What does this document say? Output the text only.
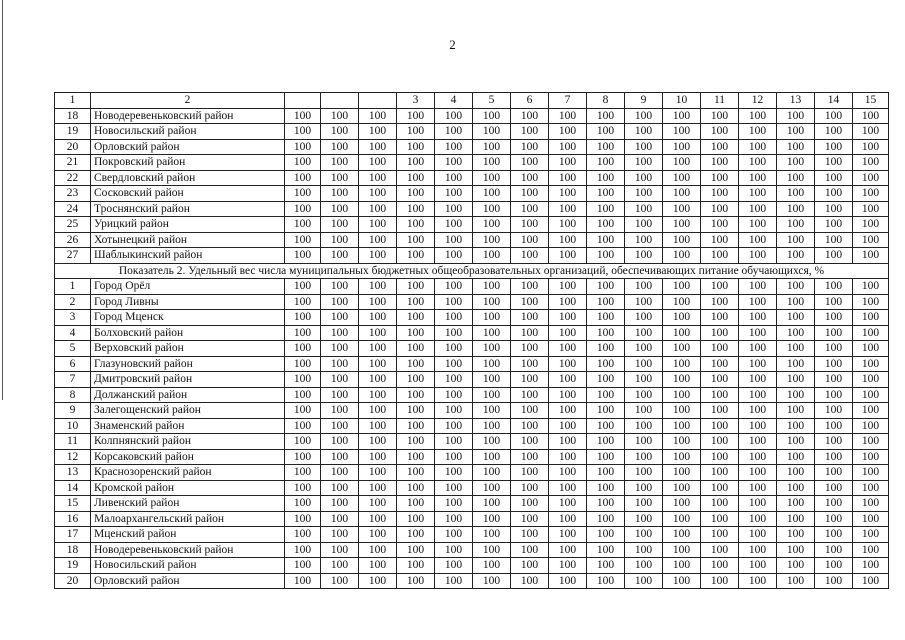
2
1	2				3	4	5	6	7	8	9	10	11	12	13	14	15
18	Новодеревеньковский район	100	100	100	100	100	100	100	100	100	100	100	100	100	100	100	100
19	Новосильский район	100	100	100	100	100	100	100	100	100	100	100	100	100	100	100	100
20	Орловский район	100	100	100	100	100	100	100	100	100	100	100	100	100	100	100	100
21	Покровский район	100	100	100	100	100	100	100	100	100	100	100	100	100	100	100	100
22	Свердловский район	100	100	100	100	100	100	100	100	100	100	100	100	100	100	100	100
23	Сосковский район	100	100	100	100	100	100	100	100	100	100	100	100	100	100	100	100
24	Троснянский район	100	100	100	100	100	100	100	100	100	100	100	100	100	100	100	100
25	Урицкий район	100	100	100	100	100	100	100	100	100	100	100	100	100	100	100	100
26	Хотынецкий район	100	100	100	100	100	100	100	100	100	100	100	100	100	100	100	100
27	Шаблыкинский район	100	100	100	100	100	100	100	100	100	100	100	100	100	100	100	100
Показатель 2. Удельный вес числа муниципальных бюджетных общеобразовательных организаций, обеспечивающих питание обучающихся, %																	
1	Город Орёл	100	100	100	100	100	100	100	100	100	100	100	100	100	100	100	100
2	Город Ливны	100	100	100	100	100	100	100	100	100	100	100	100	100	100	100	100
3	Город Мценск	100	100	100	100	100	100	100	100	100	100	100	100	100	100	100	100
4	Болховский район	100	100	100	100	100	100	100	100	100	100	100	100	100	100	100	100
5	Верховский район	100	100	100	100	100	100	100	100	100	100	100	100	100	100	100	100
6	Глазуновский район	100	100	100	100	100	100	100	100	100	100	100	100	100	100	100	100
7	Дмитровский район	100	100	100	100	100	100	100	100	100	100	100	100	100	100	100	100
8	Должанский район	100	100	100	100	100	100	100	100	100	100	100	100	100	100	100	100
9	Залегощенский район	100	100	100	100	100	100	100	100	100	100	100	100	100	100	100	100
10	Знаменский район	100	100	100	100	100	100	100	100	100	100	100	100	100	100	100	100
11	Колпнянский район	100	100	100	100	100	100	100	100	100	100	100	100	100	100	100	100
12	Корсаковский район	100	100	100	100	100	100	100	100	100	100	100	100	100	100	100	100
13	Краснозоренский район	100	100	100	100	100	100	100	100	100	100	100	100	100	100	100	100
14	Кромской район	100	100	100	100	100	100	100	100	100	100	100	100	100	100	100	100
15	Ливенский район	100	100	100	100	100	100	100	100	100	100	100	100	100	100	100	100
16	Малоархангельский район	100	100	100	100	100	100	100	100	100	100	100	100	100	100	100	100
17	Мценский район	100	100	100	100	100	100	100	100	100	100	100	100	100	100	100	100
18	Новодеревеньковский район	100	100	100	100	100	100	100	100	100	100	100	100	100	100	100	100
19	Новосильский район	100	100	100	100	100	100	100	100	100	100	100	100	100	100	100	100
20	Орловский район	100	100	100	100	100	100	100	100	100	100	100	100	100	100	100	100
